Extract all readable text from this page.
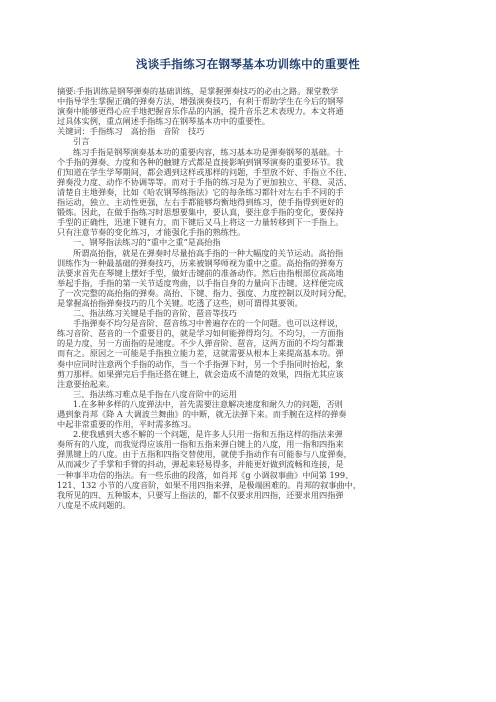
浅谈手指练习在钢琴基本功训练中的重要性
摘要:手指训练是钢琴弹奏的基础训练，是掌握弹奏技巧的必由之路。课堂教学
中指导学生掌握正确的弹奏方法，增强演奏技巧，有利于帮助学生在今后的钢琴
演奏中能够更得心应手地把握音乐作品的内涵，提升音乐艺术表现力。本文将通
过具体实例，重点阐述手指练习在钢琴基本功中的重要性。
关键词：手指练习　高抬指　音阶　技巧
引言
练习手指是钢琴演奏基本功的重要内容，练习基本功是弹奏钢琴的基础。十
个手指的弹奏、力度和各种的触键方式都是直接影响到钢琴演奏的重要环节。我
们知道在学生学琴期间，都会遇到这样或那样的问题，手型放不好、手指立不住、
弹奏没力度、动作不协调等等。而对于手指的练习是为了更加独立、平稳、灵活、
清楚自主地弹奏，比如《哈农钢琴练指法》它的每条练习都针对左右手不同的手
指运动，独立、主动性更强，左右手都能够均衡地得到练习，使手指得到更好的
锻炼。因此，在做手指练习时思想要集中，要认真，要注意手指的变化，要保持
手型的正确性，迅速下键有力，而下键后又马上将这一力量转移到下一手指上。
只有注意节奏的变化练习，才能强化手指的熟练性。
一、钢琴指法练习的“重中之重”是高抬指
所谓高抬指，就是在弹奏时尽量抬高手指的一种大幅度的关节运动。高抬指
训练作为一种最基础的弹奏技巧，历来被钢琴师视为重中之重。高抬指的弹奏方
法要求首先在琴键上摆好手型，做好击键前的准备动作。然后由指根部位高高地
举起手指，手指的第一关节适度弯曲，以手指自身的力量向下击键。这样便完成
了一次完整的高抬指的弹奏。高抬、下键、指力、强度、力度控制以及时间分配，
是掌握高抬指弹奏技巧的几个关键。吃透了这些，则可谓得其要领。
二、指法练习关键是手指的音阶、琶音等技巧
手指弹奏不均匀是音阶、琶音练习中普遍存在的一个问题。也可以这样说，
练习音阶、琶音的一个重要目的，就是学习如何能弹得均匀。不均匀，一方面指
的是力度，另一方面指的是速度。不少人弹音阶、琶音，这两方面的不均匀都兼
而有之。原因之一可能是手指独立能力差，这就需要从根本上来提高基本功。弹
奏中应同时注意两个手指的动作，当一个手指弹下时，另一个手指同时抬起，象
剪刀那样。如果弹完后手指还搭在键上，就会造成不清楚的效果，四指尤其应该
注意要抬起来。
三、指法练习难点是手指在八度音阶中的运用
1.在多种多样的八度弹法中，首先需要注意解决速度和耐久力的问题，否则
遇到象肖邦《降 A 大调波兰舞曲》的中断，就无法弹下来。而手腕在这样的弹奏
中起非常重要的作用，平时需多练习。
2.使我感到大惑不解的一个问题，是许多人只用一指和五指这样的指法来弹
奏所有的八度，而我觉得应该用一指和五指来弹白键上的八度，用一指和四指来
弹黑键上的八度。由于五指和四指交替使用，就使手指动作有可能参与八度弹奏，
从而减少了手掌和手臂的抖动，弹起来轻易得多，并能更好做到流畅和连接，是
一种事半功倍的指法。有一些乐曲的段落，如肖邦《g 小调叙事曲》中间第 199、
121、132 小节的八度音阶，如果不用四指来弹，是极端困难的。肖邦的叙事曲中，
我所见的四、五种版本，只要写上指法的，都不仅要求用四指，还要求用四指弹
八度是不成问题的。
